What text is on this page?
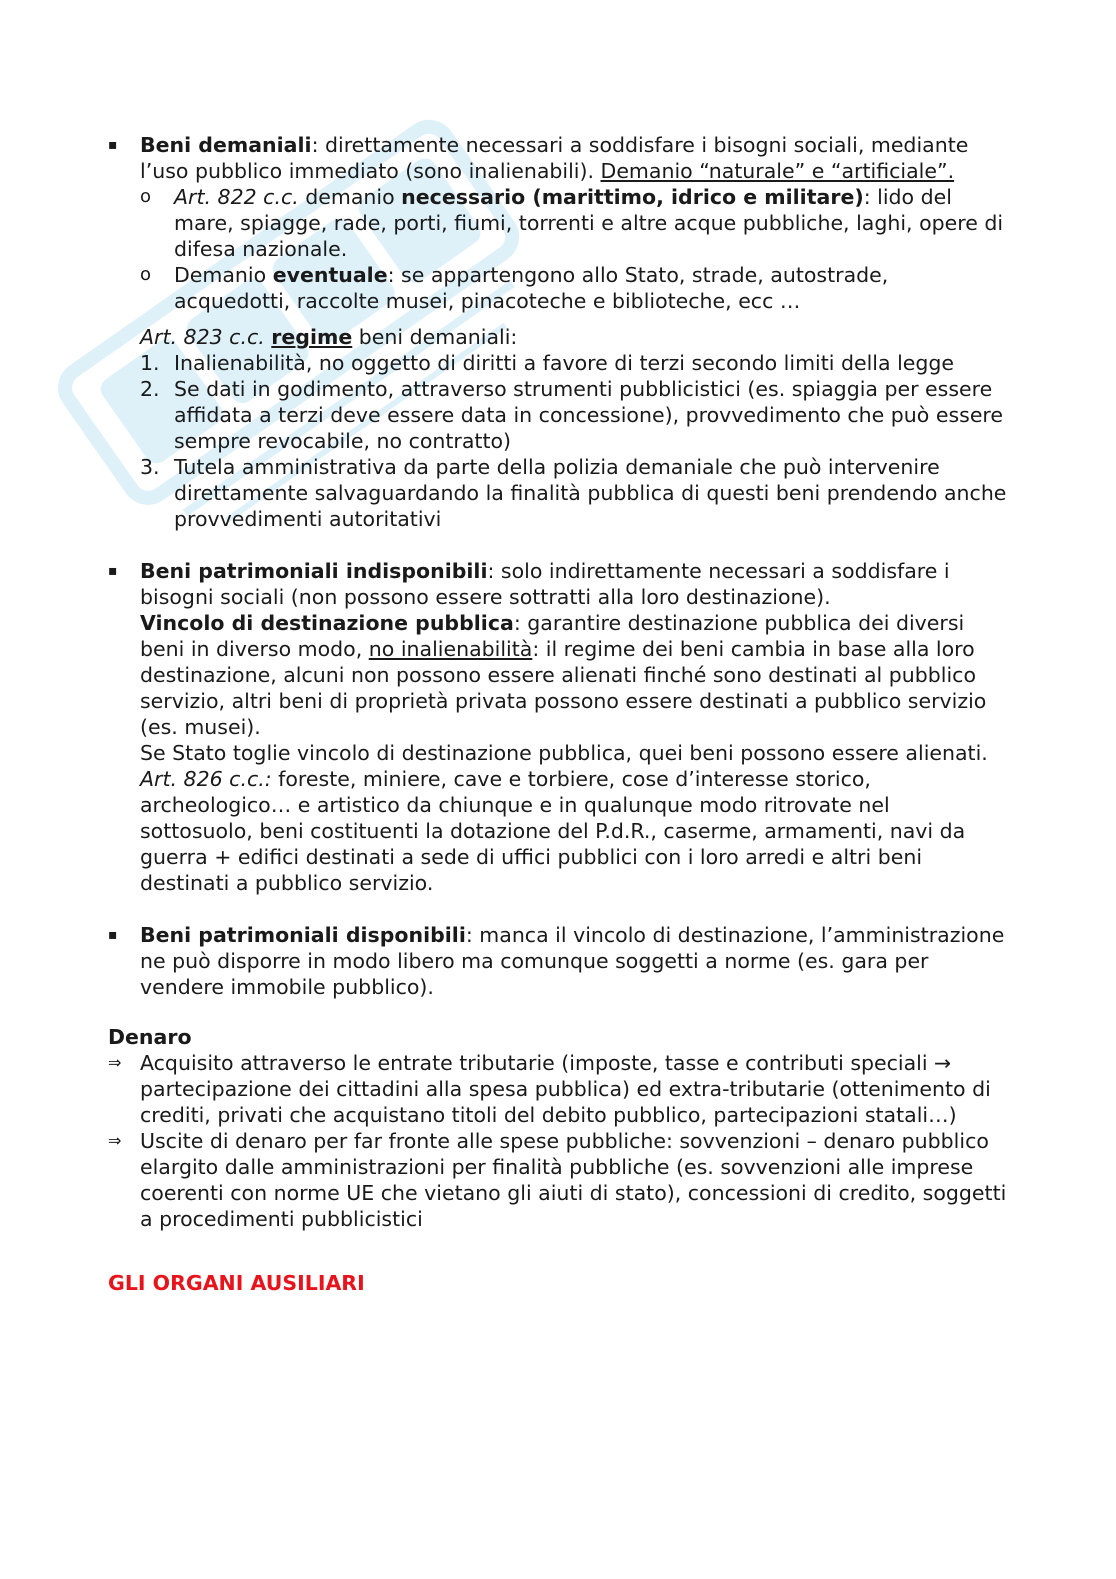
▪ Beni demaniali: direttamente necessari a soddisfare i bisogni sociali, mediante l’uso pubblico immediato (sono inalienabili). Demanio “naturale” e “artificiale”.

o Art. 822 c.c. demanio necessario (marittimo, idrico e militare): lido del mare, spiagge, rade, porti, fiumi, torrenti e altre acque pubbliche, laghi, opere di difesa nazionale.

o Demanio eventuale: se appartengono allo Stato, strade, autostrade, acquedotti, raccolte musei, pinacoteche e biblioteche, ecc …

Art. 823 c.c. regime beni demaniali:

1. Inalienabilità, no oggetto di diritti a favore di terzi secondo limiti della legge

2. Se dati in godimento, attraverso strumenti pubblicistici (es. spiaggia per essere affidata a terzi deve essere data in concessione), provvedimento che può essere sempre revocabile, no contratto)

3. Tutela amministrativa da parte della polizia demaniale che può intervenire direttamente salvaguardando la finalità pubblica di questi beni prendendo anche provvedimenti autoritativi

▪ Beni patrimoniali indisponibili: solo indirettamente necessari a soddisfare i bisogni sociali (non possono essere sottratti alla loro destinazione).

Vincolo di destinazione pubblica: garantire destinazione pubblica dei diversi beni in diverso modo, no inalienabilità: il regime dei beni cambia in base alla loro destinazione, alcuni non possono essere alienati finché sono destinati al pubblico servizio, altri beni di proprietà privata possono essere destinati a pubblico servizio (es. musei).

Se Stato toglie vincolo di destinazione pubblica, quei beni possono essere alienati.

Art. 826 c.c.: foreste, miniere, cave e torbiere, cose d’interesse storico, archeologico… e artistico da chiunque e in qualunque modo ritrovate nel sottosuolo, beni costituenti la dotazione del P.d.R., caserme, armamenti, navi da guerra + edifici destinati a sede di uffici pubblici con i loro arredi e altri beni destinati a pubblico servizio.

▪ Beni patrimoniali disponibili: manca il vincolo di destinazione, l’amministrazione ne può disporre in modo libero ma comunque soggetti a norme (es. gara per vendere immobile pubblico).

Denaro

⇒ Acquisito attraverso le entrate tributarie (imposte, tasse e contributi speciali → partecipazione dei cittadini alla spesa pubblica) ed extra-tributarie (ottenimento di crediti, privati che acquistano titoli del debito pubblico, partecipazioni statali…)

⇒ Uscite di denaro per far fronte alle spese pubbliche: sovvenzioni – denaro pubblico elargito dalle amministrazioni per finalità pubbliche (es. sovvenzioni alle imprese coerenti con norme UE che vietano gli aiuti di stato), concessioni di credito, soggetti a procedimenti pubblicistici

GLI ORGANI AUSILIARI
